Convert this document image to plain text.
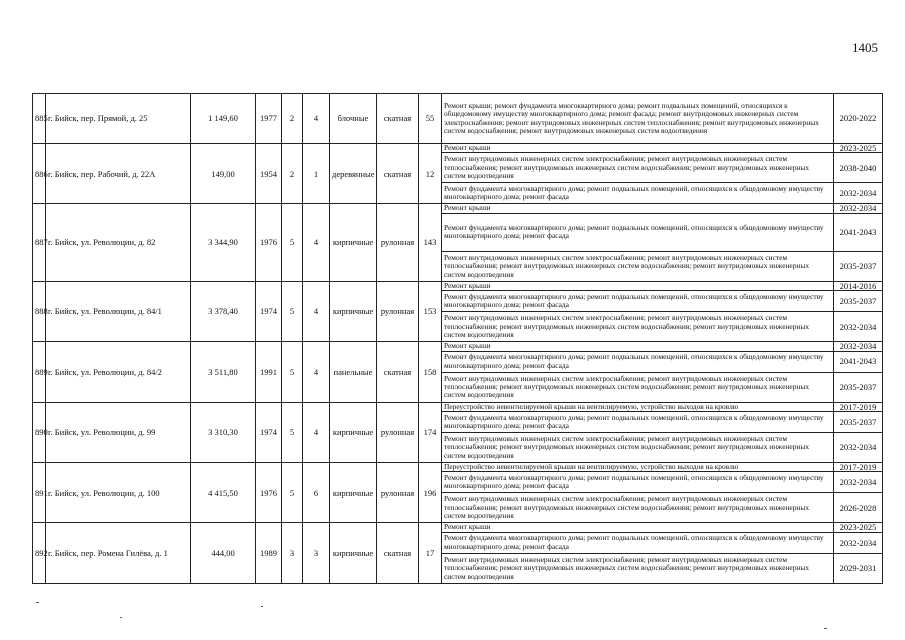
1405
885	г. Бийск, пер. Прямой, д. 25	1 149,60	1977	2	4	блочные	скатная	55	Ремонт крыши; ремонт фундамента многоквартирного дома; ремонт подвальных помещений, относящихся к общедомовому имуществу многоквартирного дома; ремонт фасада; ремонт внутридомовых инженерных систем электроснабжения; ремонт внутридомовых инженерных систем теплоснабжения; ремонт внутридомовых инженерных систем водоснабжения; ремонт внутридомовых инженерных систем водоотведения	2020-2022
886	г. Бийск, пер. Рабочий, д. 22А	149,00	1954	2	1	деревянные	скатная	12	Ремонт крыши	2023-2025
									Ремонт внутридомовых инженерных систем электроснабжения; ремонт внутридомовых инженерных систем теплоснабжения; ремонт внутридомовых инженерных систем водоснабжения; ремонт внутридомовых инженерных систем водоотведения	2038-2040
									Ремонт фундамента многоквартирного дома; ремонт подвальных помещений, относящихся к общедомовому имуществу многоквартирного дома; ремонт фасада	2032-2034
887	г. Бийск, ул. Революции, д. 82	3 344,90	1976	5	4	кирпичные	рулонная	143	Ремонт крыши	2032-2034
									Ремонт фундамента многоквартирного дома; ремонт подвальных помещений, относящихся к общедомовому имуществу многоквартирного дома; ремонт фасада	2041-2043
									Ремонт внутридомовых инженерных систем электроснабжения; ремонт внутридомовых инженерных систем теплоснабжения; ремонт внутридомовых инженерных систем водоснабжения; ремонт внутридомовых инженерных систем водоотведения	2035-2037
888	г. Бийск, ул. Революции, д. 84/1	3 378,40	1974	5	4	кирпичные	рулонная	153	Ремонт крыши	2014-2016
									Ремонт фундамента многоквартирного дома; ремонт подвальных помещений, относящихся к общедомовому имуществу многоквартирного дома; ремонт фасада	2035-2037
									Ремонт внутридомовых инженерных систем электроснабжения; ремонт внутридомовых инженерных систем теплоснабжения; ремонт внутридомовых инженерных систем водоснабжения; ремонт внутридомовых инженерных систем водоотведения	2032-2034
889	г. Бийск, ул. Революции, д. 84/2	3 511,80	1991	5	4	панельные	скатная	158	Ремонт крыши	2032-2034
									Ремонт фундамента многоквартирного дома; ремонт подвальных помещений, относящихся к общедомовому имуществу многоквартирного дома; ремонт фасада	2041-2043
									Ремонт внутридомовых инженерных систем электроснабжения; ремонт внутридомовых инженерных систем теплоснабжения; ремонт внутридомовых инженерных систем водоснабжения; ремонт внутридомовых инженерных систем водоотведения	2035-2037
890	г. Бийск, ул. Революции, д. 99	3 310,30	1974	5	4	кирпичные	рулонная	174	Переустройство невентилируемой крыши на вентилируемую, устройство выходов на кровлю	2017-2019
									Ремонт фундамента многоквартирного дома; ремонт подвальных помещений, относящихся к общедомовому имуществу многоквартирного дома; ремонт фасада	2035-2037
									Ремонт внутридомовых инженерных систем электроснабжения; ремонт внутридомовых инженерных систем теплоснабжения; ремонт внутридомовых инженерных систем водоснабжения; ремонт внутридомовых инженерных систем водоотведения	2032-2034
891	г. Бийск, ул. Революции, д. 100	4 415,50	1976	5	6	кирпичные	рулонная	196	Переустройство невентилируемой крыши на вентилируемую, устройство выходов на кровлю	2017-2019
									Ремонт фундамента многоквартирного дома; ремонт подвальных помещений, относящихся к общедомовому имуществу многоквартирного дома; ремонт фасада	2032-2034
									Ремонт внутридомовых инженерных систем электроснабжения; ремонт внутридомовых инженерных систем теплоснабжения; ремонт внутридомовых инженерных систем водоснабжения; ремонт внутридомовых инженерных систем водоотведения	2026-2028
892	г. Бийск, пер. Ромена Гилёва, д. 1	444,00	1989	3	3	кирпичные	скатная	17	Ремонт крыши	2023-2025
									Ремонт фундамента многоквартирного дома; ремонт подвальных помещений, относящихся к общедомовому имуществу многоквартирного дома; ремонт фасада	2032-2034
									Ремонт внутридомовых инженерных систем электроснабжения; ремонт внутридомовых инженерных систем теплоснабжения; ремонт внутридомовых инженерных систем водоснабжения; ремонт внутридомовых инженерных систем водоотведения	2029-2031
